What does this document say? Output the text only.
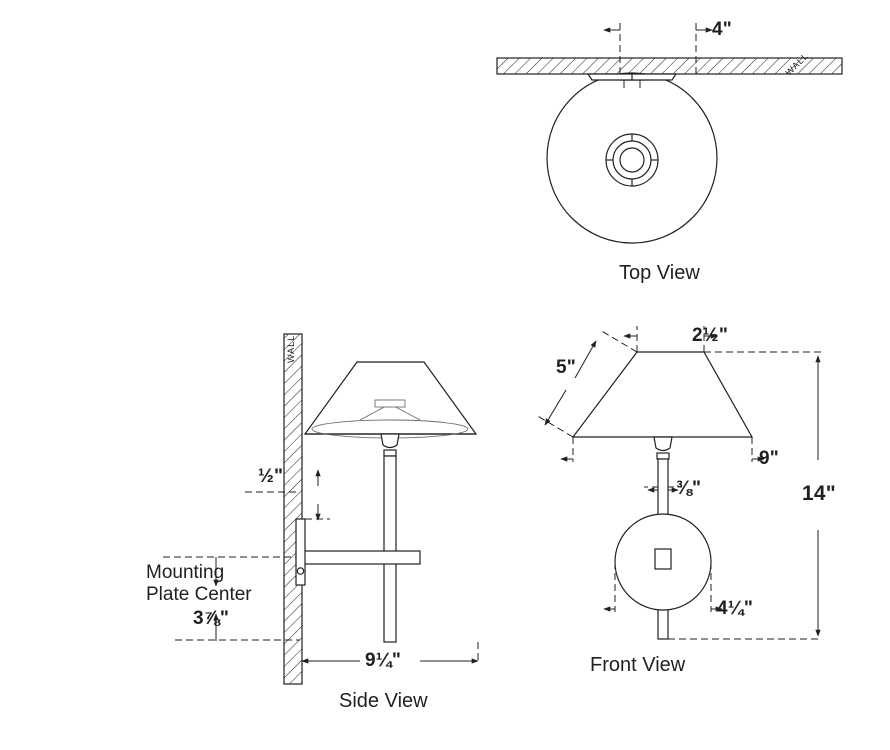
4"
Top View
WALL
WALL
½"
Mounting
Plate Center
3⅞"
9¼"
Side View
5"
2½"
9"
⅜"
4¼"
14"
Front View
